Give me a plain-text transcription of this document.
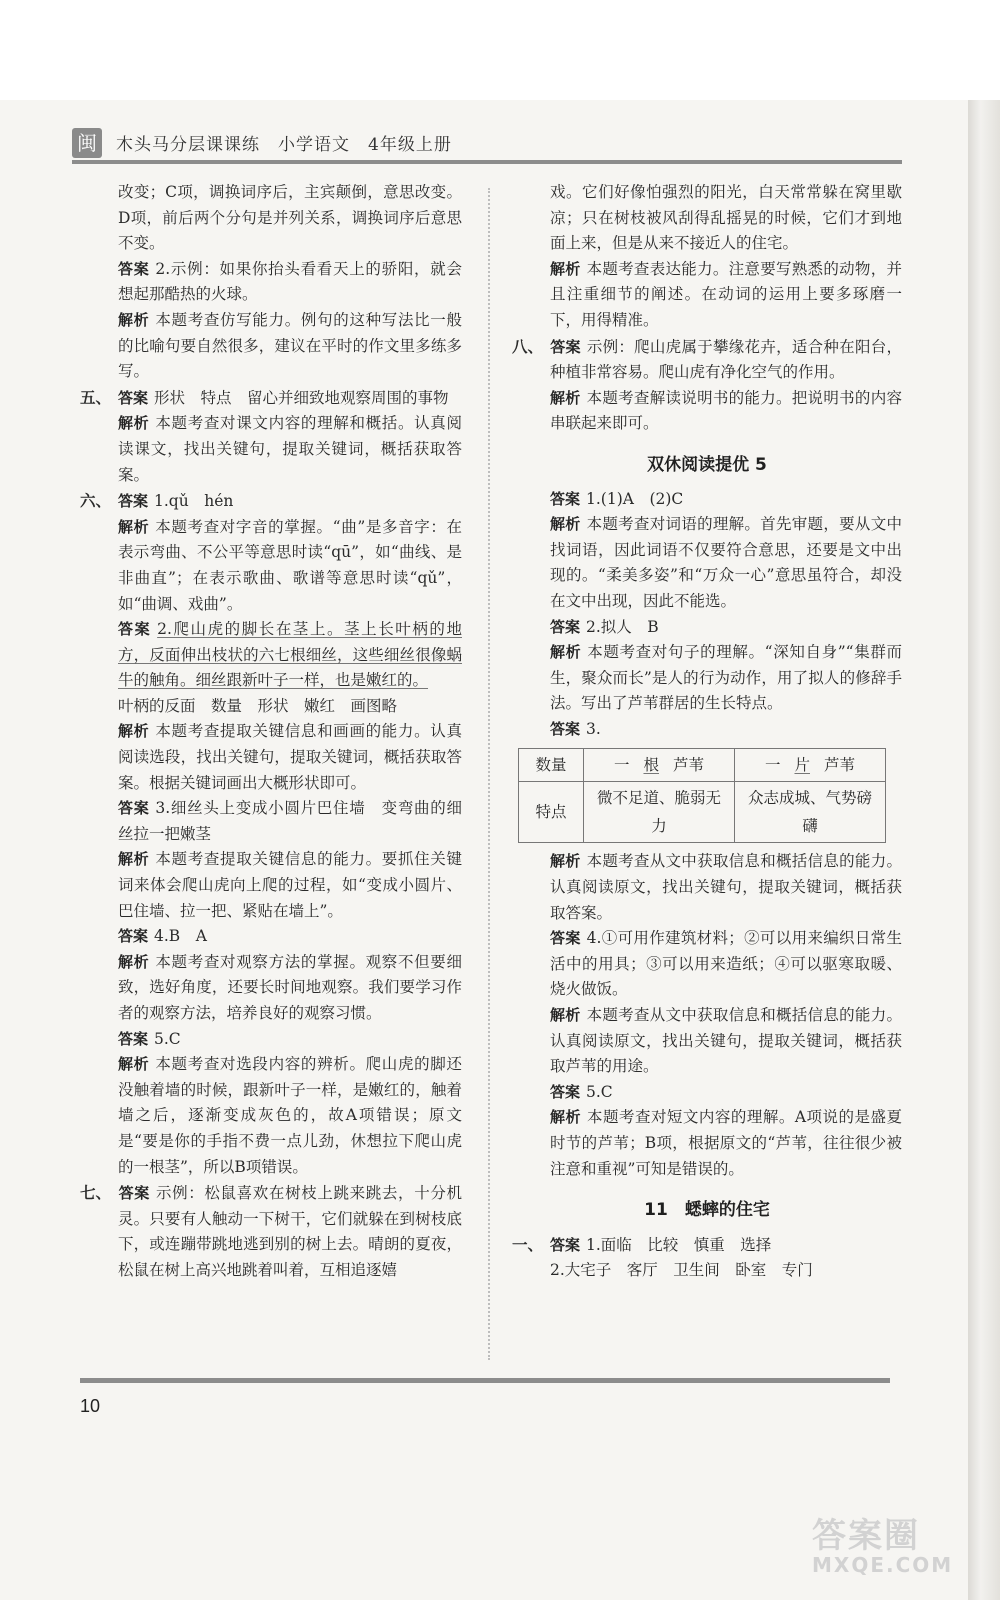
闽 木头马分层课课练　小学语文　4年级上册

改变；C项，调换词序后，主宾颠倒，意思改变。D项，前后两个分句是并列关系，调换词序后意思不变。

答案 2.示例：如果你抬头看看天上的骄阳，就会想起那酷热的火球。

解析 本题考查仿写能力。例句的这种写法比一般的比喻句要自然很多，建议在平时的作文里多练多写。

五、 答案 形状　特点　留心并细致地观察周围的事物

解析 本题考查对课文内容的理解和概括。认真阅读课文，找出关键句，提取关键词，概括获取答案。

六、 答案 1.qǔ　hén

解析 本题考查对字音的掌握。“曲”是多音字：在表示弯曲、不公平等意思时读“qū”，如“曲线、是非曲直”；在表示歌曲、歌谱等意思时读“qǔ”，如“曲调、戏曲”。

答案 2.爬山虎的脚长在茎上。茎上长叶柄的地方，反面伸出枝状的六七根细丝，这些细丝很像蜗牛的触角。细丝跟新叶子一样，也是嫩红的。

叶柄的反面　数量　形状　嫩红　画图略

解析 本题考查提取关键信息和画画的能力。认真阅读选段，找出关键句，提取关键词，概括获取答案。根据关键词画出大概形状即可。

答案 3.细丝头上变成小圆片巴住墙　变弯曲的细丝拉一把嫩茎

解析 本题考查提取关键信息的能力。要抓住关键词来体会爬山虎向上爬的过程，如“变成小圆片、巴住墙、拉一把、紧贴在墙上”。

答案 4.B　A

解析 本题考查对观察方法的掌握。观察不但要细致，选好角度，还要长时间地观察。我们要学习作者的观察方法，培养良好的观察习惯。

答案 5.C

解析 本题考查对选段内容的辨析。爬山虎的脚还没触着墙的时候，跟新叶子一样，是嫩红的，触着墙之后，逐渐变成灰色的，故A项错误；原文是“要是你的手指不费一点儿劲，休想拉下爬山虎的一根茎”，所以B项错误。

七、 答案 示例：松鼠喜欢在树枝上跳来跳去，十分机灵。只要有人触动一下树干，它们就躲在到树枝底下，或连蹦带跳地逃到别的树上去。晴朗的夏夜，松鼠在树上高兴地跳着叫着，互相追逐嬉

戏。它们好像怕强烈的阳光，白天常常躲在窝里歇凉；只在树枝被风刮得乱摇晃的时候，它们才到地面上来，但是从来不接近人的住宅。

解析 本题考查表达能力。注意要写熟悉的动物，并且注重细节的阐述。在动词的运用上要多琢磨一下，用得精准。

八、 答案 示例：爬山虎属于攀缘花卉，适合种在阳台，种植非常容易。爬山虎有净化空气的作用。

解析 本题考查解读说明书的能力。把说明书的内容串联起来即可。

双休阅读提优 5

答案 1.(1)A　(2)C

解析 本题考查对词语的理解。首先审题，要从文中找词语，因此词语不仅要符合意思，还要是文中出现的。“柔美多姿”和“万众一心”意思虽符合，却没在文中出现，因此不能选。

答案 2.拟人　B

解析 本题考查对句子的理解。“深知自身”“集群而生，聚众而长”是人的行为动作，用了拟人的修辞手法。写出了芦苇群居的生长特点。

答案 3.

数量	一 根 芦苇	一 片 芦苇
特点	微不足道、脆弱无力	众志成城、气势磅礴

解析 本题考查从文中获取信息和概括信息的能力。认真阅读原文，找出关键句，提取关键词，概括获取答案。

答案 4.①可用作建筑材料；②可以用来编织日常生活中的用具；③可以用来造纸；④可以驱寒取暖、烧火做饭。

解析 本题考查从文中获取信息和概括信息的能力。认真阅读原文，找出关键句，提取关键词，概括获取芦苇的用途。

答案 5.C

解析 本题考查对短文内容的理解。A项说的是盛夏时节的芦苇；B项，根据原文的“芦苇，往往很少被注意和重视”可知是错误的。

11　蟋蟀的住宅

一、 答案 1.面临　比较　慎重　选择

2.大宅子　客厅　卫生间　卧室　专门

10
答案圈
MXQE.COM
